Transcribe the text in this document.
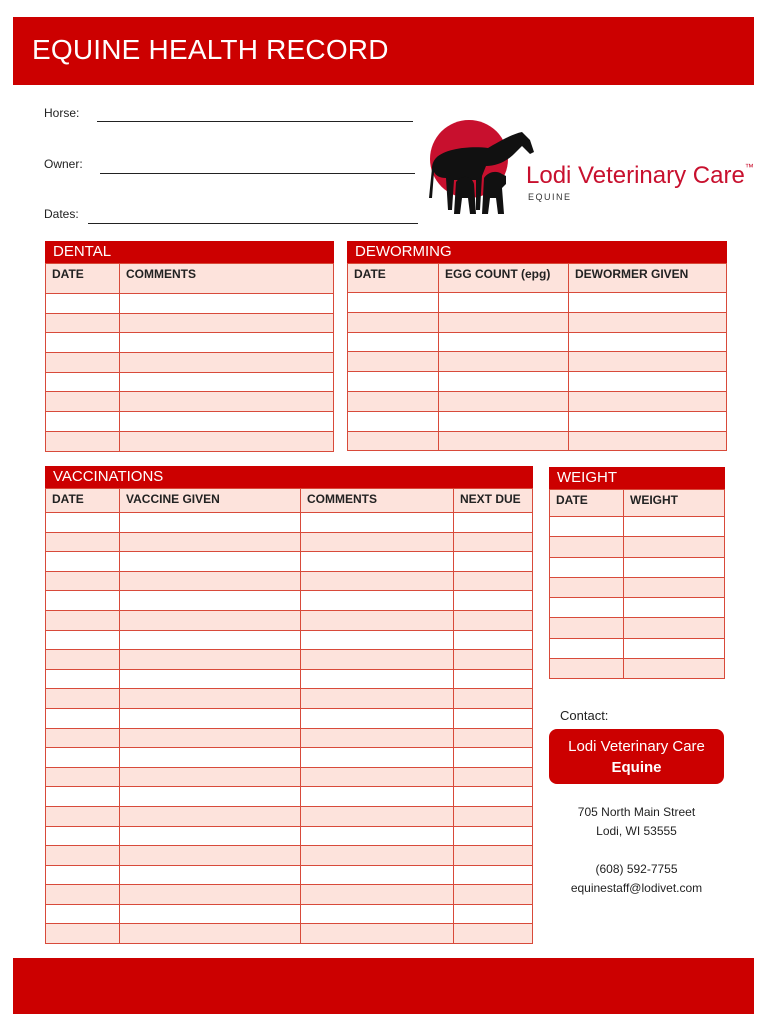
EQUINE HEALTH RECORD
Horse:
Owner:
Dates:
Lodi Veterinary Care™
EQUINE
DENTAL
DATE	COMMENTS

DEWORMING
DATE	EGG COUNT (epg)	DEWORMER GIVEN

VACCINATIONS
DATE	VACCINE GIVEN	COMMENTS	NEXT DUE

WEIGHT
DATE	WEIGHT

Contact:
Lodi Veterinary Care
Equine
705 North Main Street
Lodi, WI 53555
(608) 592-7755
equinestaff@lodivet.com
